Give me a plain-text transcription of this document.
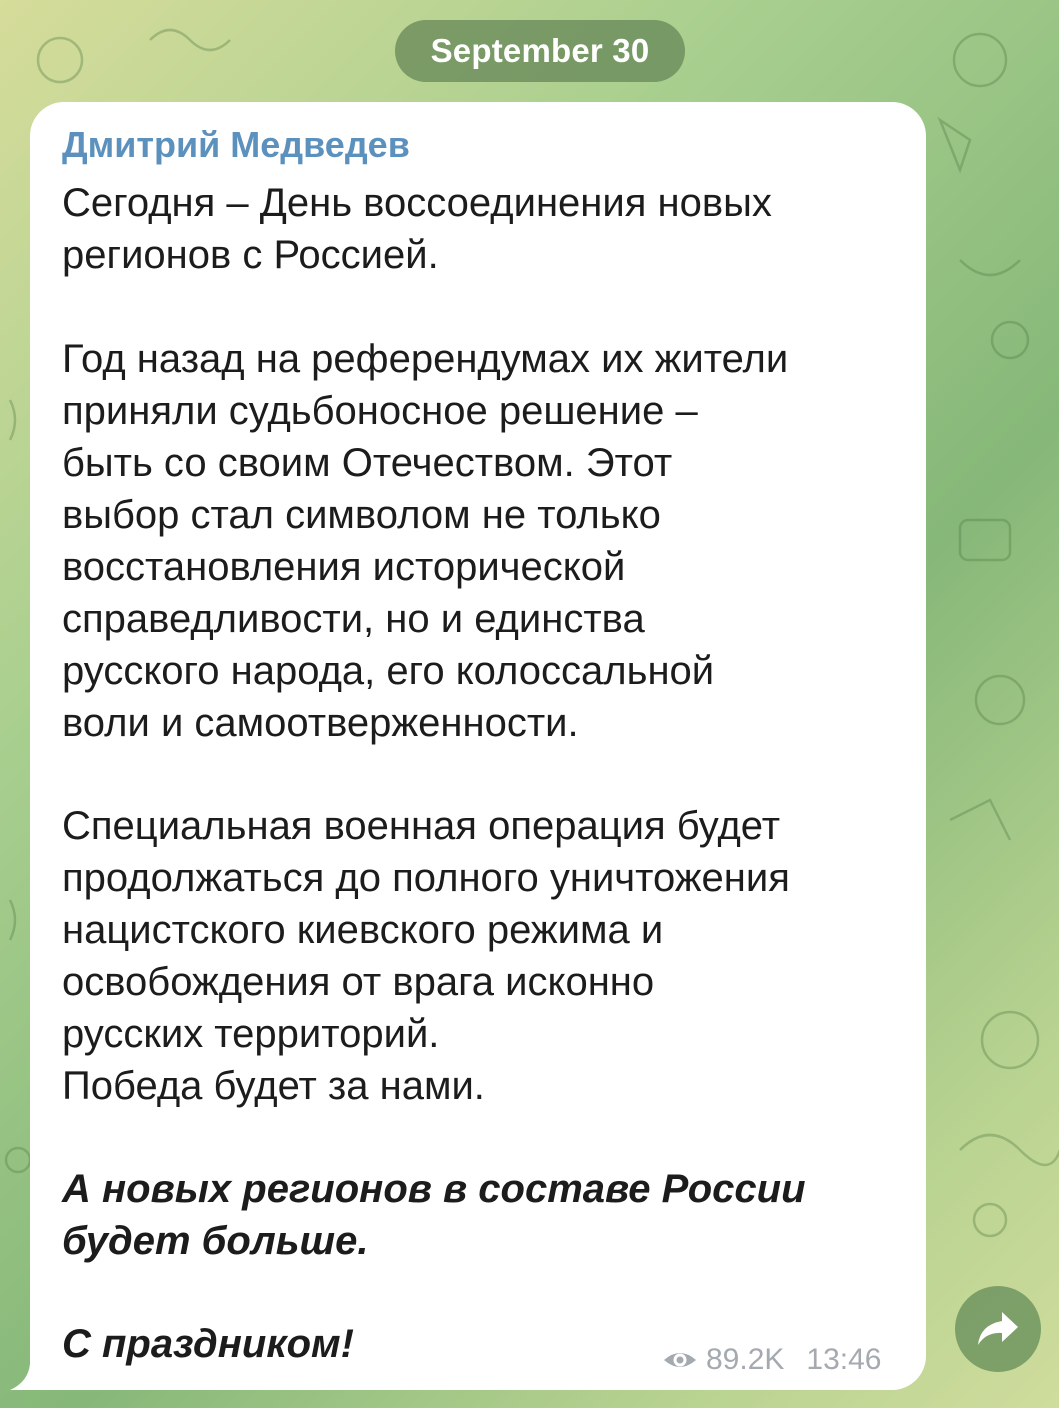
September 30
Дмитрий Медведев

Сегодня – День воссоединения новых
регионов с Россией.

Год назад на референдумах их жители
приняли судьбоносное решение –
быть со своим Отечеством. Этот
выбор стал символом не только
восстановления исторической
справедливости, но и единства
русского народа, его колоссальной
воли и самоотверженности.

Специальная военная операция будет
продолжаться до полного уничтожения
нацистского киевского режима и
освобождения от врага исконно
русских территорий.
Победа будет за нами.

А новых регионов в составе России
будет больше.

С праздником!	89.2K 13:46
